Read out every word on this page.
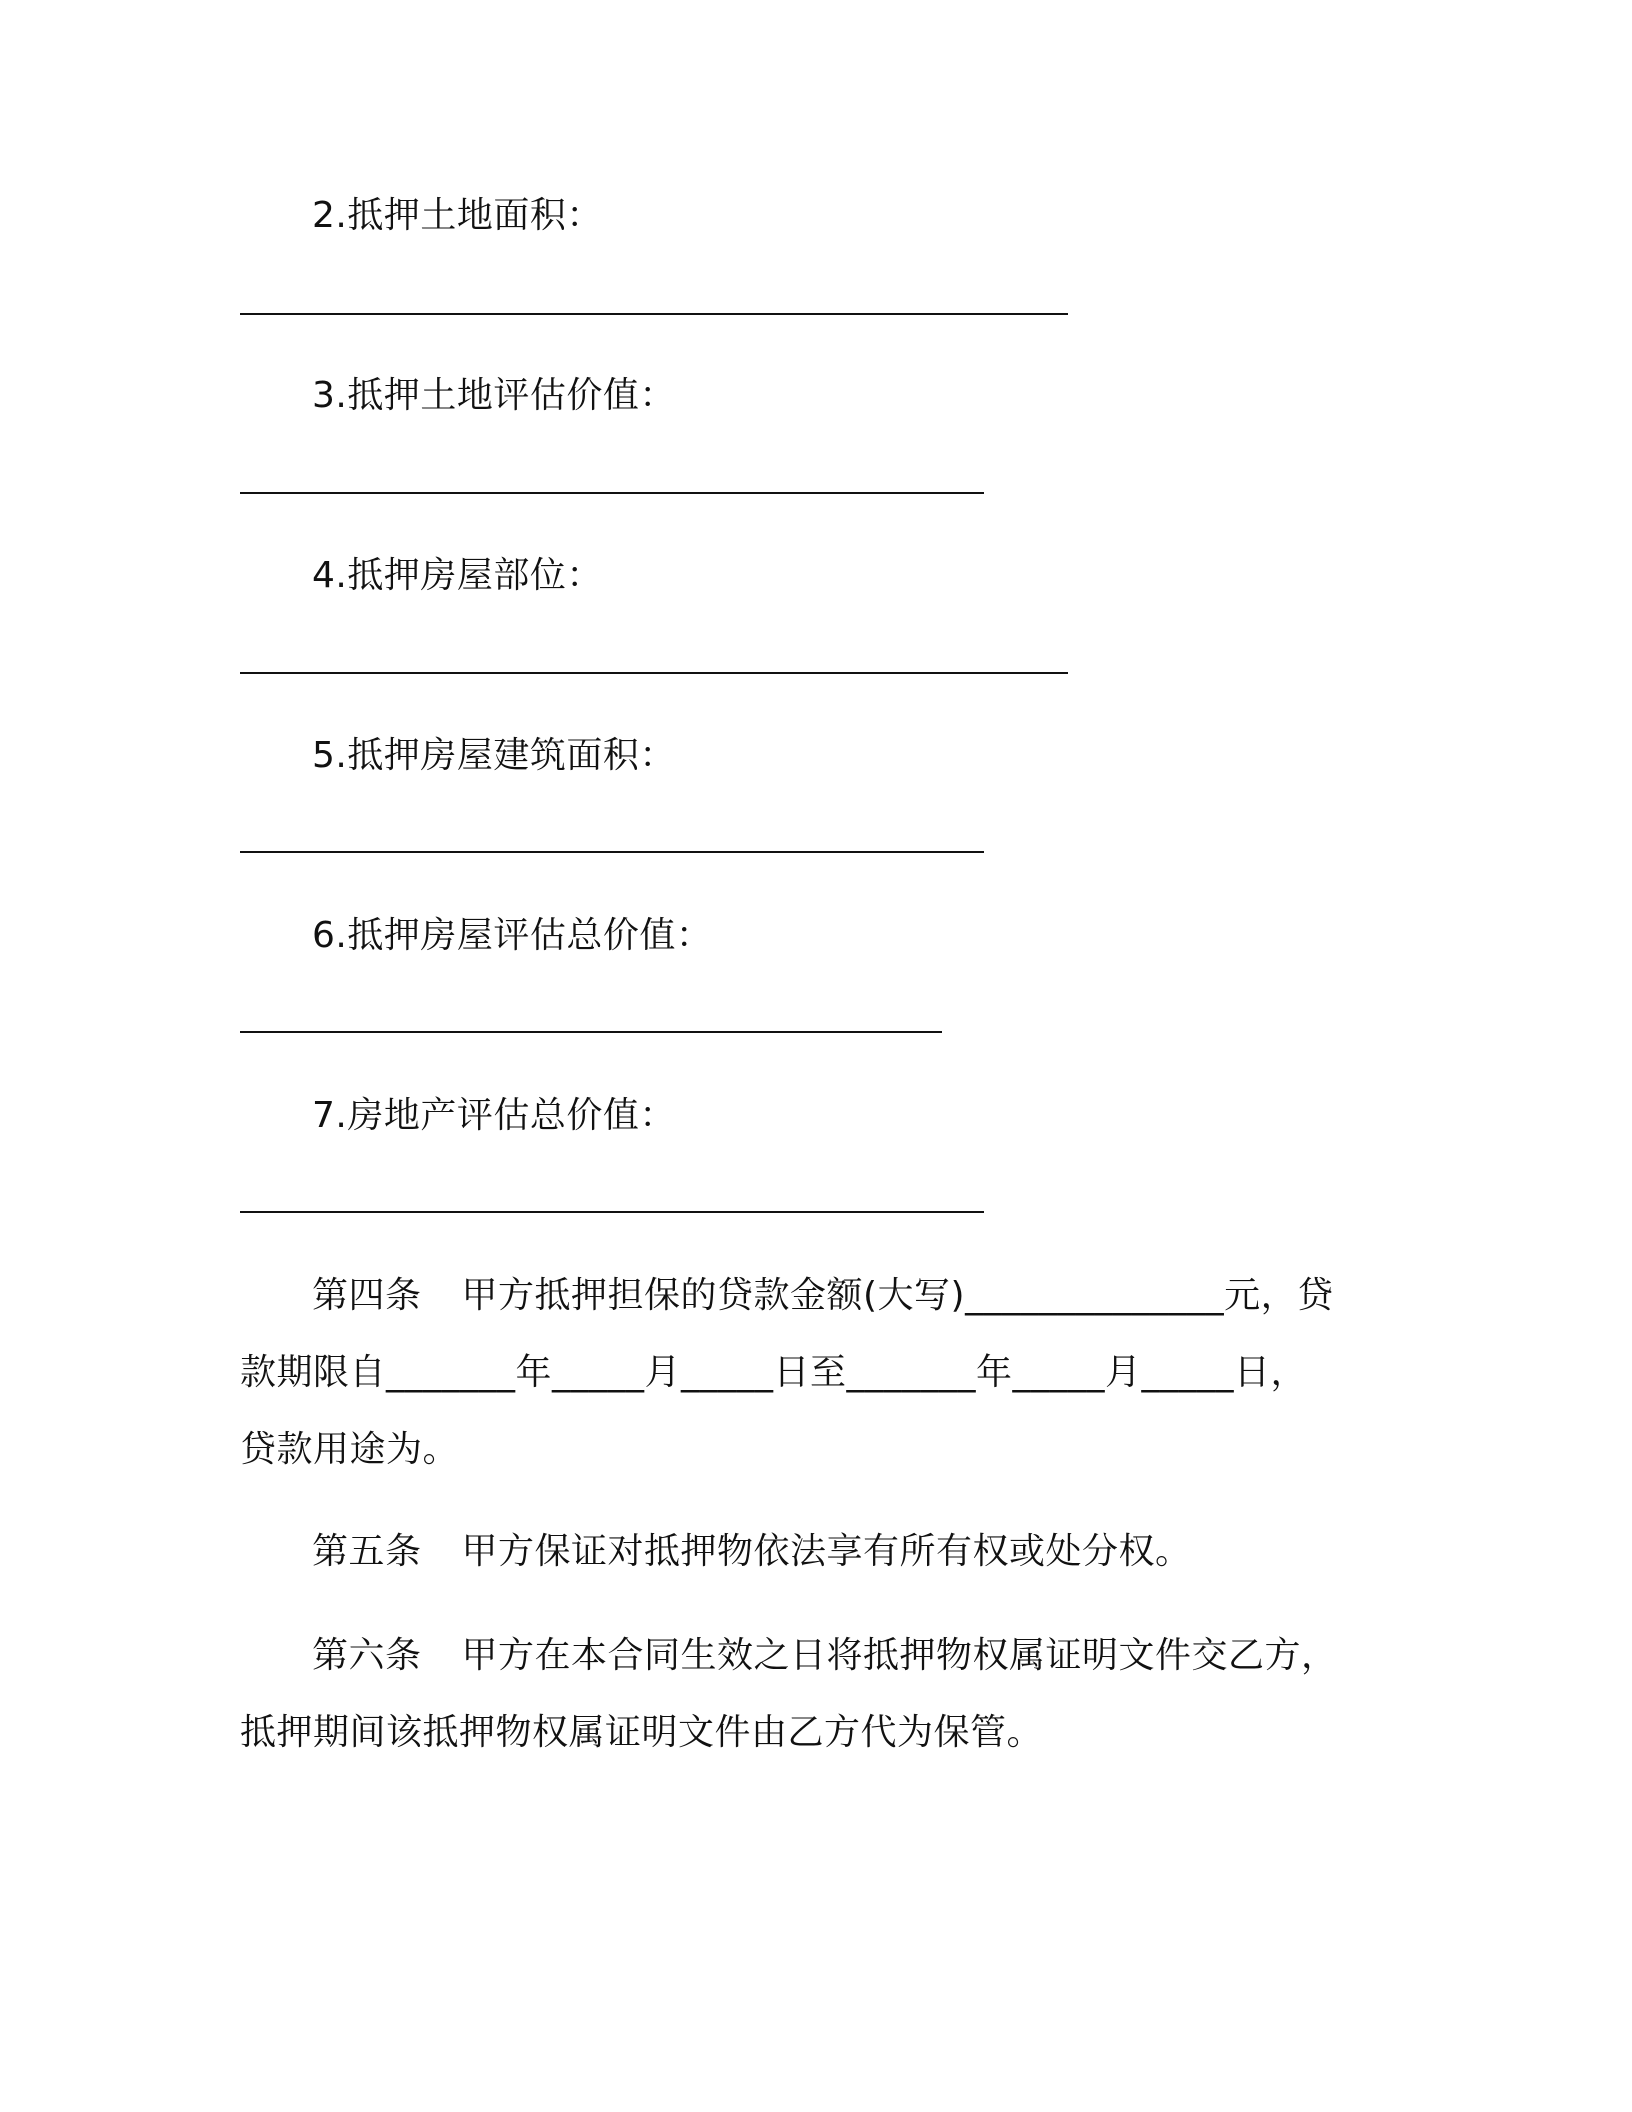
2.抵押土地面积：
3.抵押土地评估价值：
4.抵押房屋部位：
5.抵押房屋建筑面积：
6.抵押房屋评估总价值：
7.房地产评估总价值：
第四条 甲方抵押担保的贷款金额(大写)______________元，贷
款期限自_______年_____月_____日至_______年_____月_____日，
贷款用途为。
第五条 甲方保证对抵押物依法享有所有权或处分权。
第六条 甲方在本合同生效之日将抵押物权属证明文件交乙方，
抵押期间该抵押物权属证明文件由乙方代为保管。
